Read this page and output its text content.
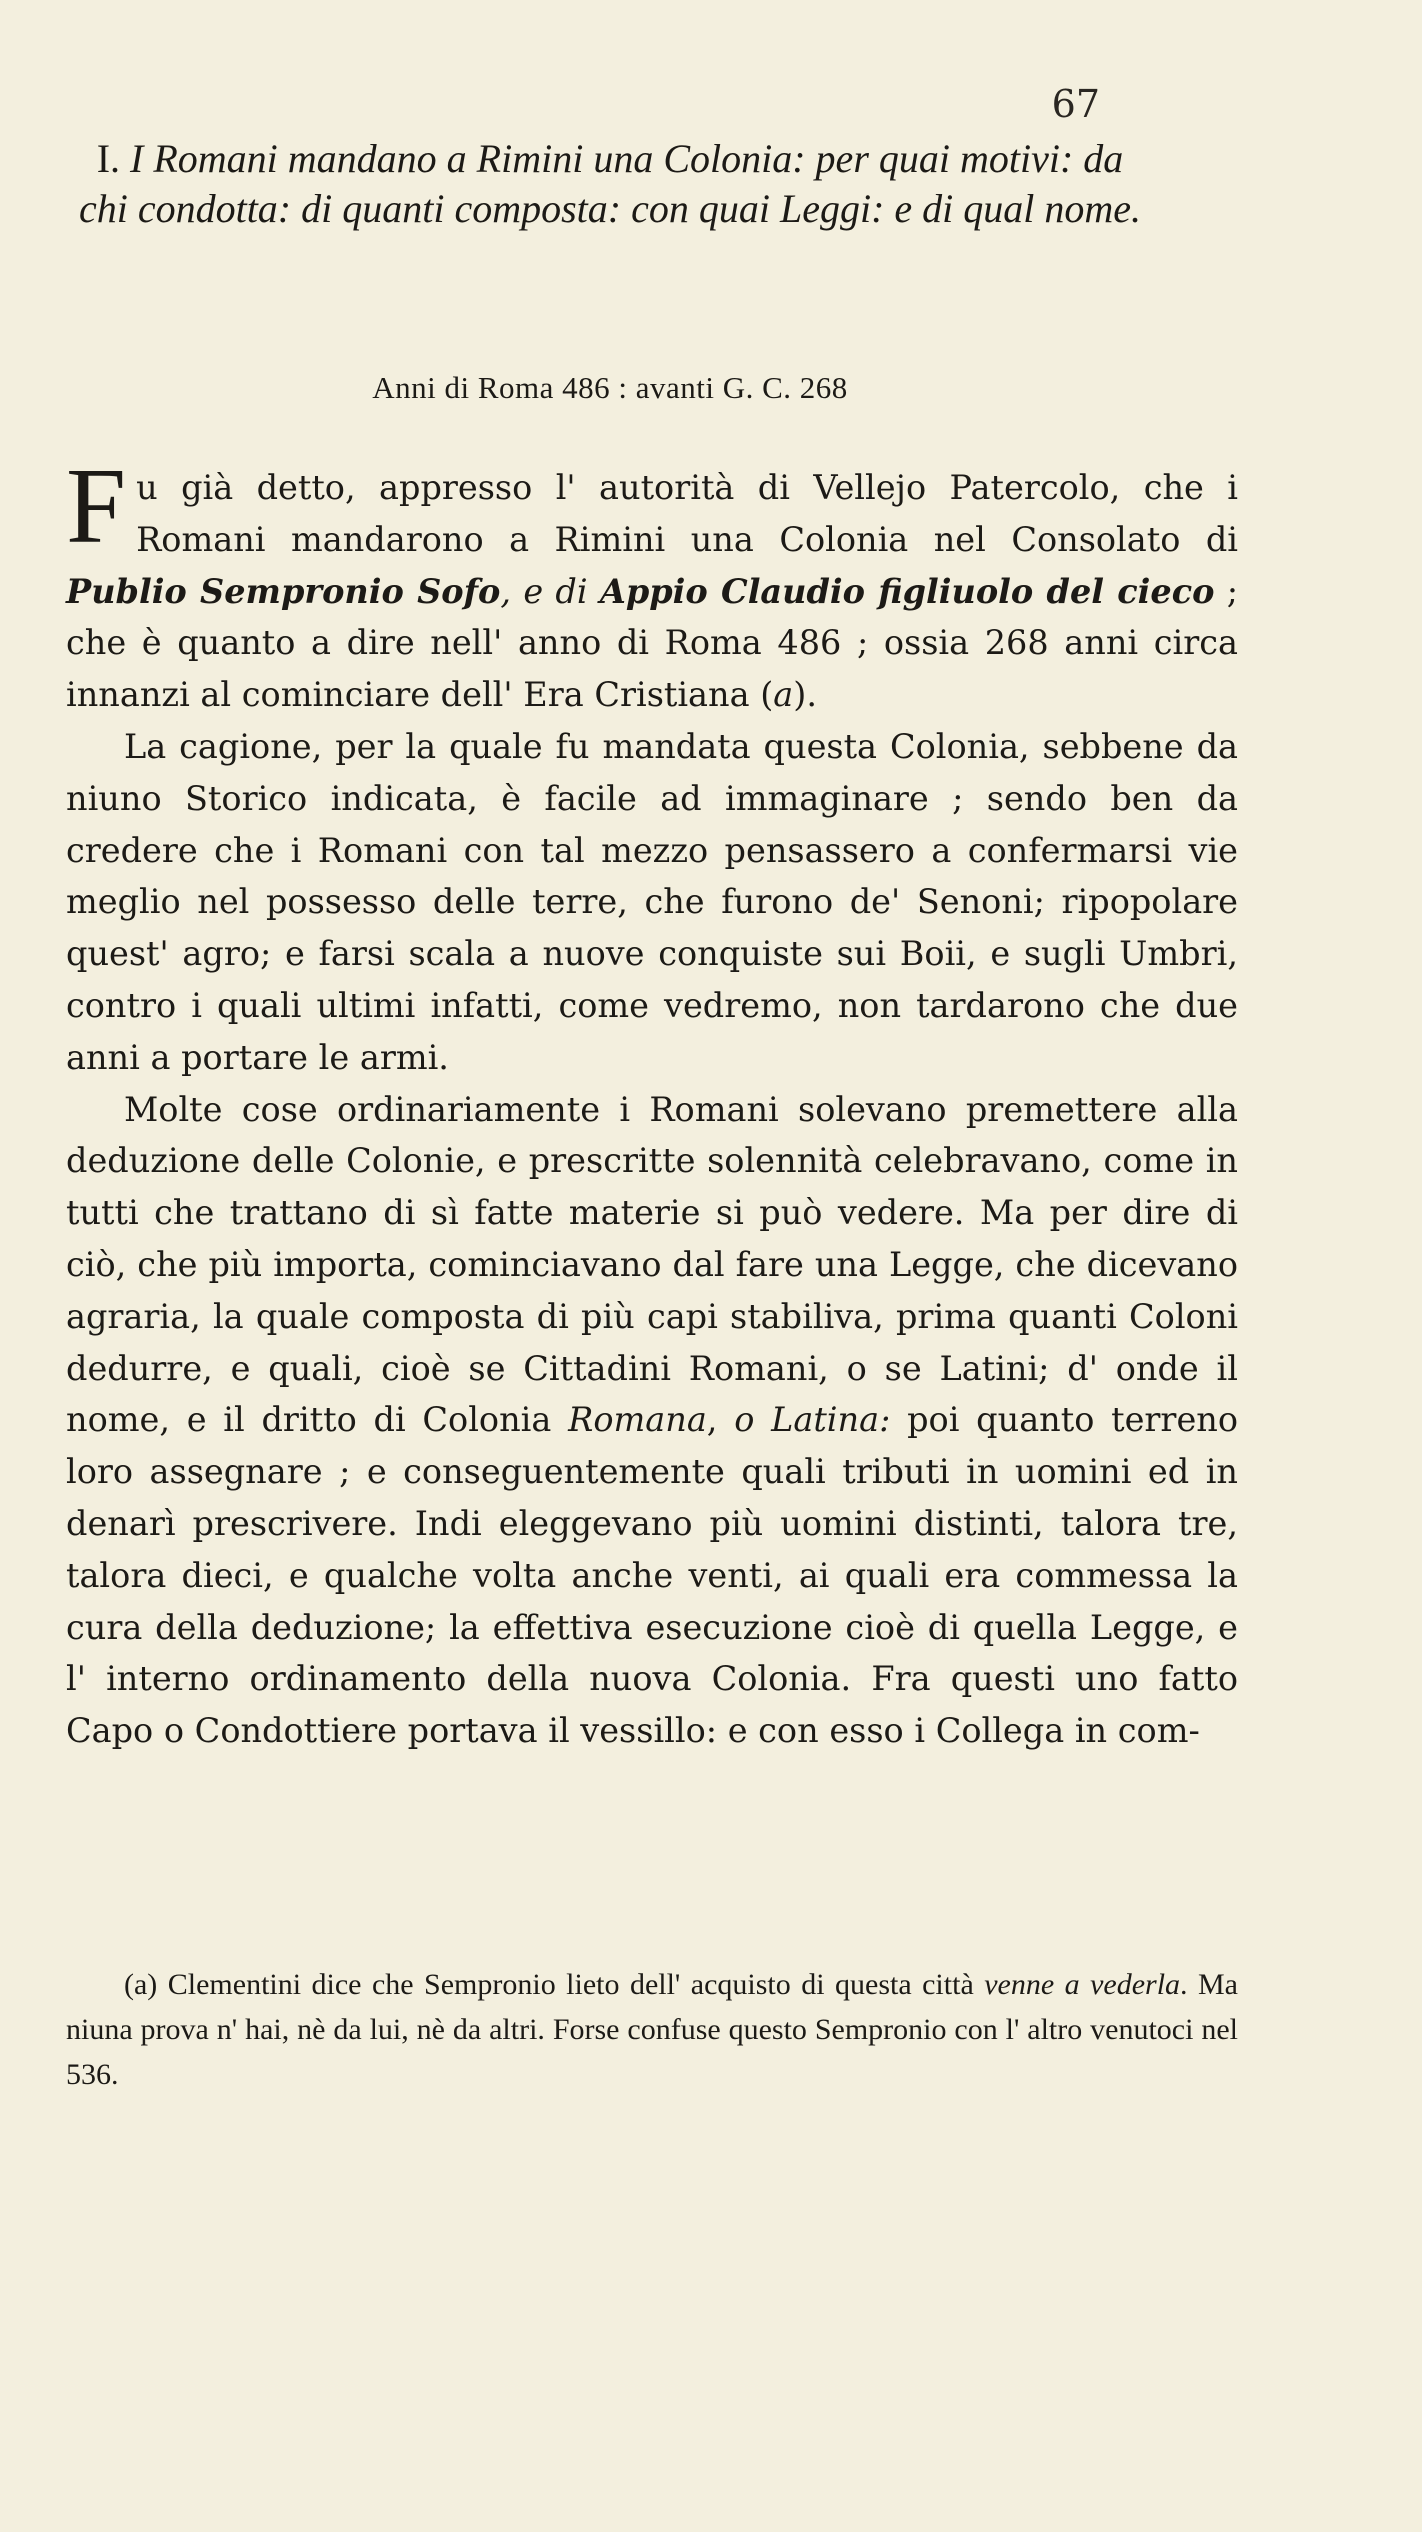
67
I. I Romani mandano a Rimini una Colonia: per quai motivi: da chi condotta: di quanti composta: con quai Leggi: e di qual nome.
Anni di Roma 486 : avanti G. C. 268

Fu già detto, appresso l' autorità di Vellejo Patercolo, che i Romani mandarono a Rimini una Colonia nel Consolato di Publio Sempronio Sofo, e di Appio Claudio figliuolo del cieco ; che è quanto a dire nell' anno di Roma 486 ; ossia 268 anni circa innanzi al cominciare dell' Era Cristiana (a).

La cagione, per la quale fu mandata questa Colonia, sebbene da niuno Storico indicata, è facile ad immaginare ; sendo ben da credere che i Romani con tal mezzo pensassero a confermarsi vie meglio nel possesso delle terre, che furono de' Senoni; ripopolare quest' agro; e farsi scala a nuove conquiste sui Boii, e sugli Umbri, contro i quali ultimi infatti, come vedremo, non tardarono che due anni a portare le armi.

Molte cose ordinariamente i Romani solevano premettere alla deduzione delle Colonie, e prescritte solennità celebravano, come in tutti che trattano di sì fatte materie si può vedere. Ma per dire di ciò, che più importa, cominciavano dal fare una Legge, che dicevano agraria, la quale composta di più capi stabiliva, prima quanti Coloni dedurre, e quali, cioè se Cittadini Romani, o se Latini; d' onde il nome, e il dritto di Colonia Romana, o Latina: poi quanto terreno loro assegnare ; e conseguentemente quali tributi in uomini ed in denarì prescrivere. Indi eleggevano più uomini distinti, talora tre, talora dieci, e qualche volta anche venti, ai quali era commessa la cura della deduzione; la effettiva esecuzione cioè di quella Legge, e l' interno ordinamento della nuova Colonia. Fra questi uno fatto Capo o Condottiere portava il vessillo: e con esso i Collega in com-

(a) Clementini dice che Sempronio lieto dell' acquisto di questa città venne a vederla. Ma niuna prova n' hai, nè da lui, nè da altri. Forse confuse questo Sempronio con l' altro venutoci nel 536.
